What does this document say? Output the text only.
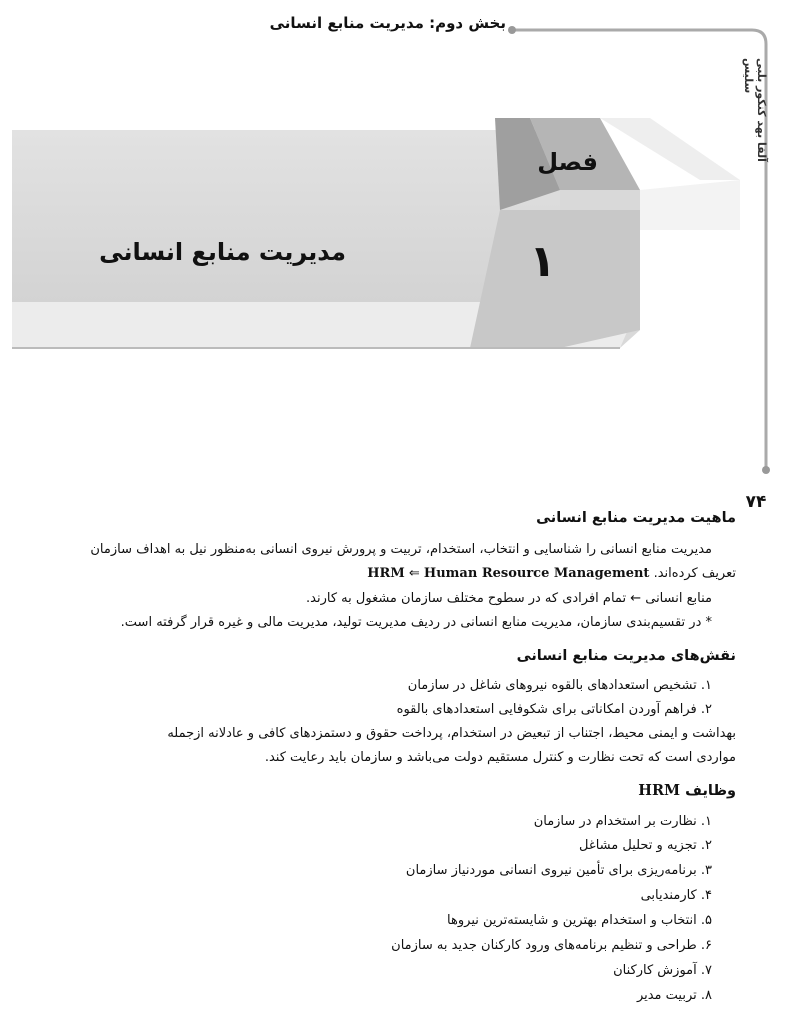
بخش دوم: مدیریت منابع انسانی
آلفا بهد کنکور بلبی سلیس
فصل
۱
مدیریت منابع انسانی
۷۴
ماهیت مدیریت منابع انسانی
مدیریت منابع انسانی را شناسایی و انتخاب، استخدام، تربیت و پرورش نیروی انسانی به‌منظور نیل به اهداف سازمان
تعریف کرده‌اند. HRM ⇐ Human Resource Management
منابع انسانی ← تمام افرادی که در سطوح مختلف سازمان مشغول به کارند.
* در تقسیم‌بندی سازمان، مدیریت منابع انسانی در ردیف مدیریت تولید، مدیریت مالی و غیره قرار گرفته است.
نقش‌های مدیریت منابع انسانی
۱. تشخیص استعدادهای بالقوه نیروهای شاغل در سازمان
۲. فراهم آوردن امکاناتی برای شکوفایی استعدادهای بالقوه
بهداشت و ایمنی محیط، اجتناب از تبعیض در استخدام، پرداخت حقوق و دستمزدهای کافی و عادلانه ازجمله
مواردی است که تحت نظارت و کنترل مستقیم دولت می‌باشد و سازمان باید رعایت کند.
وظایف HRM
۱. نظارت بر استخدام در سازمان
۲. تجزیه و تحلیل مشاغل
۳. برنامه‌ریزی برای تأمین نیروی انسانی موردنیاز سازمان
۴. کارمندیابی
۵. انتخاب و استخدام بهترین و شایسته‌ترین نیروها
۶. طراحی و تنظیم برنامه‌های ورود کارکنان جدید به سازمان
۷. آموزش کارکنان
۸. تربیت مدیر
